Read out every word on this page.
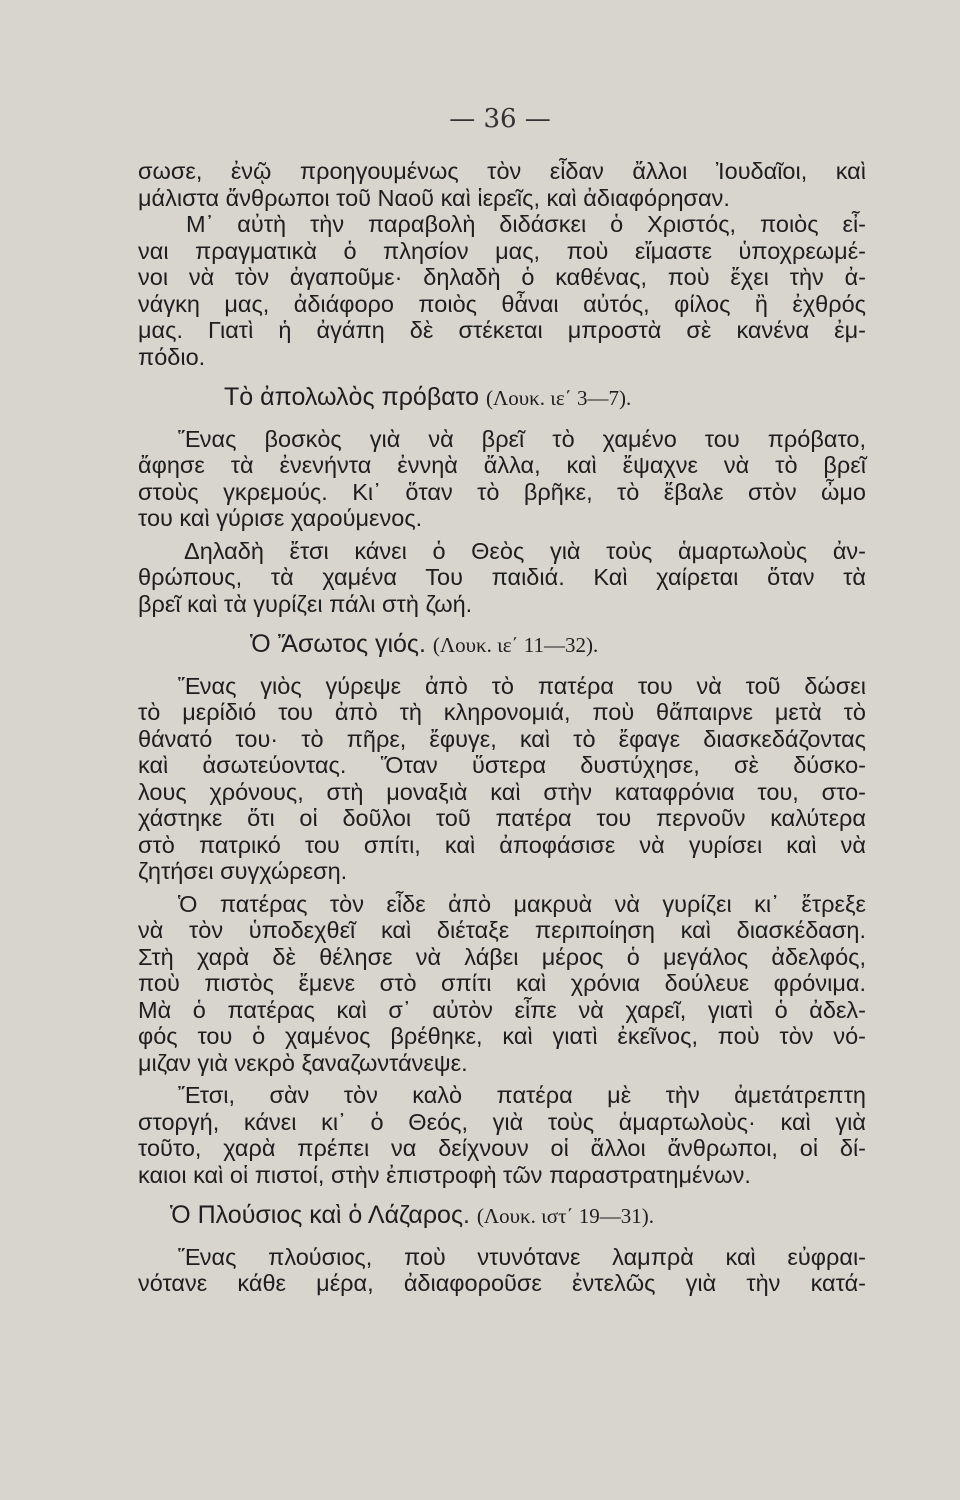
— 36 —
σωσε, ἐνῷ προηγουμένως τὸν εἶδαν ἄλλοι Ἰουδαῖοι, καὶ
μάλιστα ἄνθρωποι τοῦ Ναοῦ καὶ ἱερεῖς, καὶ ἀδιαφόρησαν.
Μ᾿ αὐτὴ τὴν παραβολὴ διδάσκει ὁ Χριστός, ποιὸς εἶ-
ναι πραγματικὰ ὁ πλησίον μας, ποὺ εἴμαστε ὑποχρεωμέ-
νοι νὰ τὸν ἀγαποῦμε· δηλαδὴ ὁ καθένας, ποὺ ἔχει τὴν ἀ-
νάγκη μας, ἀδιάφορο ποιὸς θἆναι αὐτός, φίλος ἢ ἐχθρός
μας. Γιατὶ ἡ ἀγάπη δὲ στέκεται μπροστὰ σὲ κανένα ἐμ-
πόδιο.
Τὸ ἀπολωλὸς πρόβατο (Λουκ. ιε΄ 3—7).
Ἕνας βοσκὸς γιὰ νὰ βρεῖ τὸ χαμένο του πρόβατο,
ἄφησε τὰ ἐνενήντα ἐννηὰ ἄλλα, καὶ ἔψαχνε νὰ τὸ βρεῖ
στοὺς γκρεμούς. Κι᾿ ὅταν τὸ βρῆκε, τὸ ἔβαλε στὸν ὦμο
του καὶ γύρισε χαρούμενος.
Δηλαδὴ ἔτσι κάνει ὁ Θεὸς γιὰ τοὺς ἁμαρτωλοὺς ἀν-
θρώπους, τὰ χαμένα Του παιδιά. Καὶ χαίρεται ὅταν τὰ
βρεῖ καὶ τὰ γυρίζει πάλι στὴ ζωή.
Ὁ Ἄσωτος γιός. (Λουκ. ιε΄ 11—32).
Ἕνας γιὸς γύρεψε ἀπὸ τὸ πατέρα του νὰ τοῦ δώσει
τὸ μερίδιό του ἀπὸ τὴ κληρονομιά, ποὺ θἄπαιρνε μετὰ τὸ
θάνατό του· τὸ πῆρε, ἔφυγε, καὶ τὸ ἔφαγε διασκεδάζοντας
καὶ ἀσωτεύοντας. Ὅταν ὕστερα δυστύχησε, σὲ δύσκο-
λους χρόνους, στὴ μοναξιὰ καὶ στὴν καταφρόνια του, στο-
χάστηκε ὅτι οἱ δοῦλοι τοῦ πατέρα του περνοῦν καλύτερα
στὸ πατρικό του σπίτι, καὶ ἀποφάσισε νὰ γυρίσει καὶ νὰ
ζητήσει συγχώρεση.
Ὁ πατέρας τὸν εἶδε ἀπὸ μακρυὰ νὰ γυρίζει κι᾿ ἔτρεξε
νὰ τὸν ὑποδεχθεῖ καὶ διέταξε περιποίηση καὶ διασκέδαση.
Στὴ χαρὰ δὲ θέλησε νὰ λάβει μέρος ὁ μεγάλος ἀδελφός,
ποὺ πιστὸς ἔμενε στὸ σπίτι καὶ χρόνια δούλευε φρόνιμα.
Μὰ ὁ πατέρας καὶ σ᾿ αὐτὸν εἶπε νὰ χαρεῖ, γιατὶ ὁ ἀδελ-
φός του ὁ χαμένος βρέθηκε, καὶ γιατὶ ἐκεῖνος, ποὺ τὸν νό-
μιζαν γιὰ νεκρὸ ξαναζωντάνεψε.
Ἔτσι, σὰν τὸν καλὸ πατέρα μὲ τὴν ἀμετάτρεπτη
στοργή, κάνει κι᾿ ὁ Θεός, γιὰ τοὺς ἁμαρτωλοὺς· καὶ γιὰ
τοῦτο, χαρὰ πρέπει να δείχνουν οἱ ἄλλοι ἄνθρωποι, οἱ δί-
καιοι καὶ οἱ πιστοί, στὴν ἐπιστροφὴ τῶν παραστρατημένων.
Ὁ Πλούσιος καὶ ὁ Λάζαρος. (Λουκ. ιστ΄ 19—31).
Ἕνας πλούσιος, ποὺ ντυνότανε λαμπρὰ καὶ εὐφραι-
νότανε κάθε μέρα, ἀδιαφοροῦσε ἐντελῶς γιὰ τὴν κατά-
